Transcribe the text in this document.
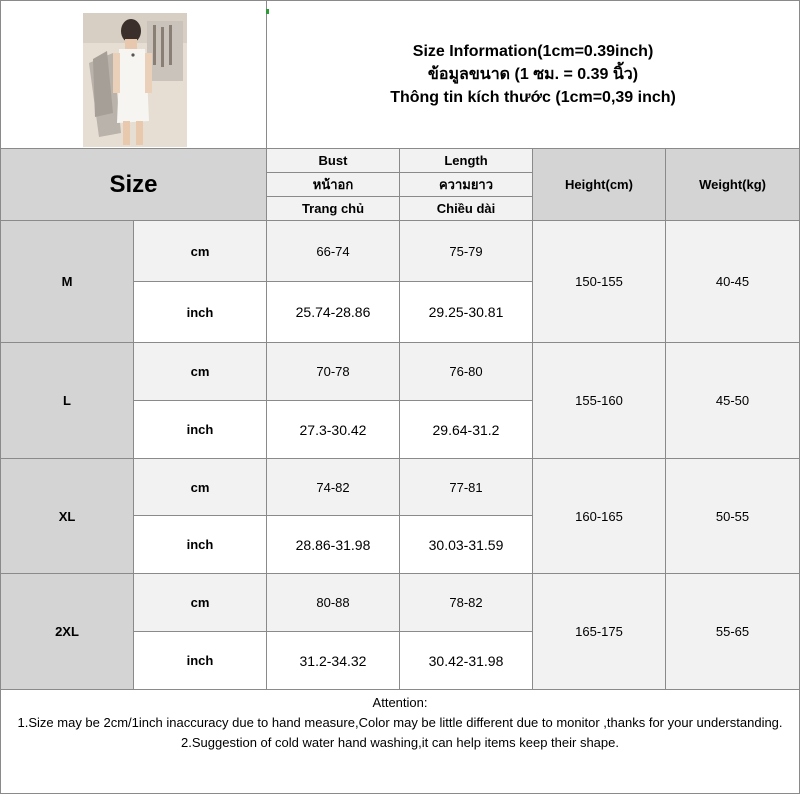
Size Information(1cm=0.39inch)
ข้อมูลขนาด (1 ซม. = 0.39 นิ้ว)
Thông tin kích thước (1cm=0,39 inch)			

Size		Bust	Length	Height(cm)	Weight(kg)
		หน้าอก	ความยาว		
		Trang chủ	Chiều dài		
M	cm	66-74	75-79	150-155	40-45
	inch	25.74-28.86	29.25-30.81		
L	cm	70-78	76-80	155-160	45-50
	inch	27.3-30.42	29.64-31.2		
XL	cm	74-82	77-81	160-165	50-55
	inch	28.86-31.98	30.03-31.59		
2XL	cm	80-88	78-82	165-175	55-65
	inch	31.2-34.32	30.42-31.98		

Attention:
1.Size may be 2cm/1inch inaccuracy due to hand measure,Color may be little different due to monitor ,thanks for your understanding.
2.Suggestion of cold water hand washing,it can help items keep their shape.					
